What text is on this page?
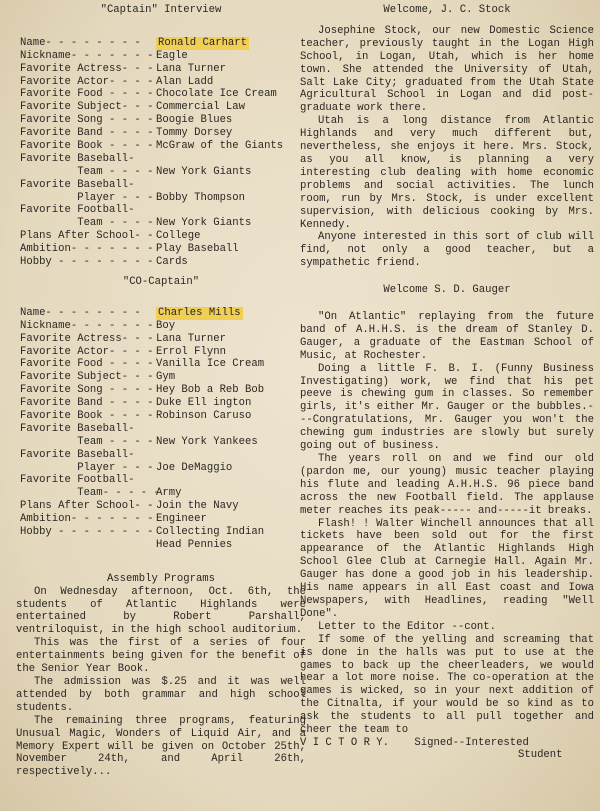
"Captain" Interview
Name- - - - - - - - Ronald Carhart
Nickname- - - - - - - Eagle
Favorite Actress- - - Lana Turner
Favorite Actor- - - - Alan Ladd
Favorite Food - - - - Chocolate Ice Cream
Favorite Subject- - - Commercial Law
Favorite Song - - - - Boogie Blues
Favorite Band - - - - Tommy Dorsey
Favorite Book - - - - McGraw of the Giants
Favorite Baseball-
Team - - - - New York Giants
Favorite Baseball-
Player - - - Bobby Thompson
Favorite Football-
Team - - - - New York Giants
Plans After School- - College
Ambition- - - - - - - Play Baseball
Hobby - - - - - - - - Cards
"CO-Captain"
Name- - - - - - - - Charles Mills
Nickname- - - - - - - Boy
Favorite Actress- - - Lana Turner
Favorite Actor- - - - Errol Flynn
Favorite Food - - - - Vanilla Ice Cream
Favorite Subject- - - Gym
Favorite Song - - - - Hey Bob a Reb Bob
Favorite Band - - - - Duke Ell ington
Favorite Book - - - - Robinson Caruso
Favorite Baseball-
Team - - - - New York Yankees
Favorite Baseball-
Player - - - Joe DeMaggio
Favorite Football-
Team- - - - -
Army
Plans After School- - Join the Navy
Ambition- - - - - - - Engineer
Hobby - - - - - - - - Collecting Indian
Head Pennies
Assembly Programs

On Wednesday afternoon, Oct. 6th, the students of Atlantic Highlands were entertained by Robert Parshall, ventriloquist, in the high school auditorium.

This was the first of a series of four entertainments being given for the benefit of the Senior Year Book.

The admission was $.25 and it was well attended by both grammar and high school students.

The remaining three programs, featuring Unusual Magic, Wonders of Liquid Air, and a Memory Expert will be given on October 25th, November 24th, and April 26th, respectively...

Welcome, J. C. Stock

Josephine Stock, our new Domestic Science teacher, previously taught in the Logan High School, in Logan, Utah, which is her home town. She attended the University of Utah, Salt Lake City; graduated from the Utah State Agricultural School in Logan and did post-graduate work there.

Utah is a long distance from Atlantic Highlands and very much different but, nevertheless, she enjoys it here. Mrs. Stock, as you all know, is planning a very interesting club dealing with home economic problems and social activities. The lunch room, run by Mrs. Stock, is under excellent supervision, with delicious cooking by Mrs. Kennedy.

Anyone interested in this sort of club will find, not only a good teacher, but a sympathetic friend.

Welcome S. D. Gauger

"On Atlantic" replaying from the future band of A.H.H.S. is the dream of Stanley D. Gauger, a graduate of the Eastman School of Music, at Rochester.

Doing a little F. B. I. (Funny Business Investigating) work, we find that his pet peeve is chewing gum in classes. So remember girls, it's either Mr. Gauger or the bubbles.---Congratulations, Mr. Gauger you won't the chewing gum industries are slowly but surely going out of business.

The years roll on and we find our old (pardon me, our young) music teacher playing his flute and leading A.H.H.S. 96 piece band across the new Football field. The applause meter reaches its peak----- and-----it breaks.

Flash! ! Walter Winchell announces that all tickets have been sold out for the first appearance of the Atlantic Highlands High School Glee Club at Carnegie Hall. Again Mr. Gauger has done a good job in his leadership. His name appears in all East coast and Iowa Newspapers, with Headlines, reading "Well Done".

Letter to the Editor --cont.

If some of the yelling and screaming that is done in the halls was put to use at the games to back up the cheerleaders, we would hear a lot more noise. The co-operation at the games is wicked, so in your next addition of the Citnalta, if your would be so kind as to ask the students to all pull together and cheer the team to

V I C T O R Y.    Signed--Interested
Student
